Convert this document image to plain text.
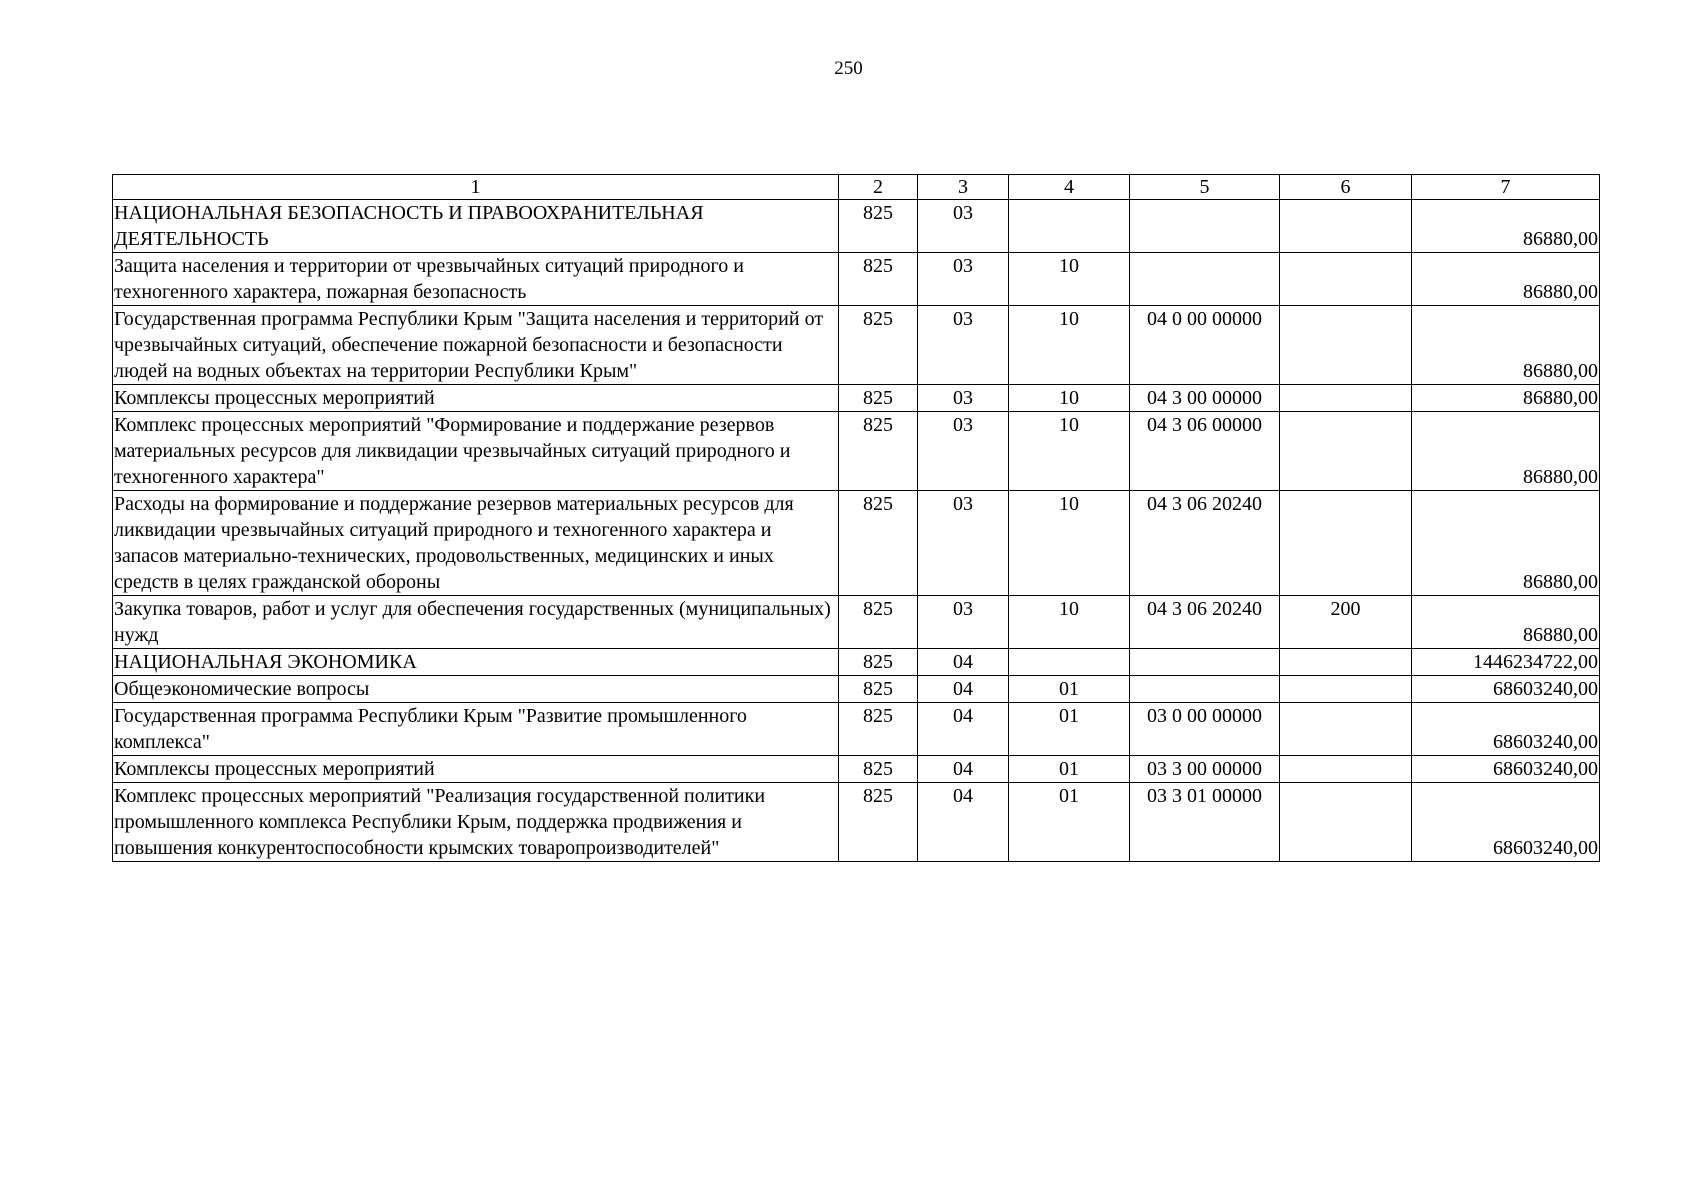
250
1	2	3	4	5	6	7
НАЦИОНАЛЬНАЯ БЕЗОПАСНОСТЬ И ПРАВООХРАНИТЕЛЬНАЯ ДЕЯТЕЛЬНОСТЬ	825	03				86880,00
Защита населения и территории от чрезвычайных ситуаций природного и техногенного характера, пожарная безопасность	825	03	10			86880,00
Государственная программа Республики Крым "Защита населения и территорий от чрезвычайных ситуаций, обеспечение пожарной безопасности и безопасности людей на водных объектах на территории Республики Крым"	825	03	10	04 0 00 00000		86880,00
Комплексы процессных мероприятий	825	03	10	04 3 00 00000		86880,00
Комплекс процессных мероприятий "Формирование и поддержание резервов материальных ресурсов для ликвидации чрезвычайных ситуаций природного и техногенного характера"	825	03	10	04 3 06 00000		86880,00
Расходы на формирование и поддержание резервов материальных ресурсов для ликвидации чрезвычайных ситуаций природного и техногенного характера и запасов материально-технических, продовольственных, медицинских и иных средств в целях гражданской обороны	825	03	10	04 3 06 20240		86880,00
Закупка товаров, работ и услуг для обеспечения государственных (муниципальных) нужд	825	03	10	04 3 06 20240	200	86880,00
НАЦИОНАЛЬНАЯ ЭКОНОМИКА	825	04				1446234722,00
Общеэкономические вопросы	825	04	01			68603240,00
Государственная программа Республики Крым "Развитие промышленного комплекса"	825	04	01	03 0 00 00000		68603240,00
Комплексы процессных мероприятий	825	04	01	03 3 00 00000		68603240,00
Комплекс процессных мероприятий "Реализация государственной политики промышленного комплекса Республики Крым, поддержка продвижения и повышения конкурентоспособности крымских товаропроизводителей"	825	04	01	03 3 01 00000		68603240,00
